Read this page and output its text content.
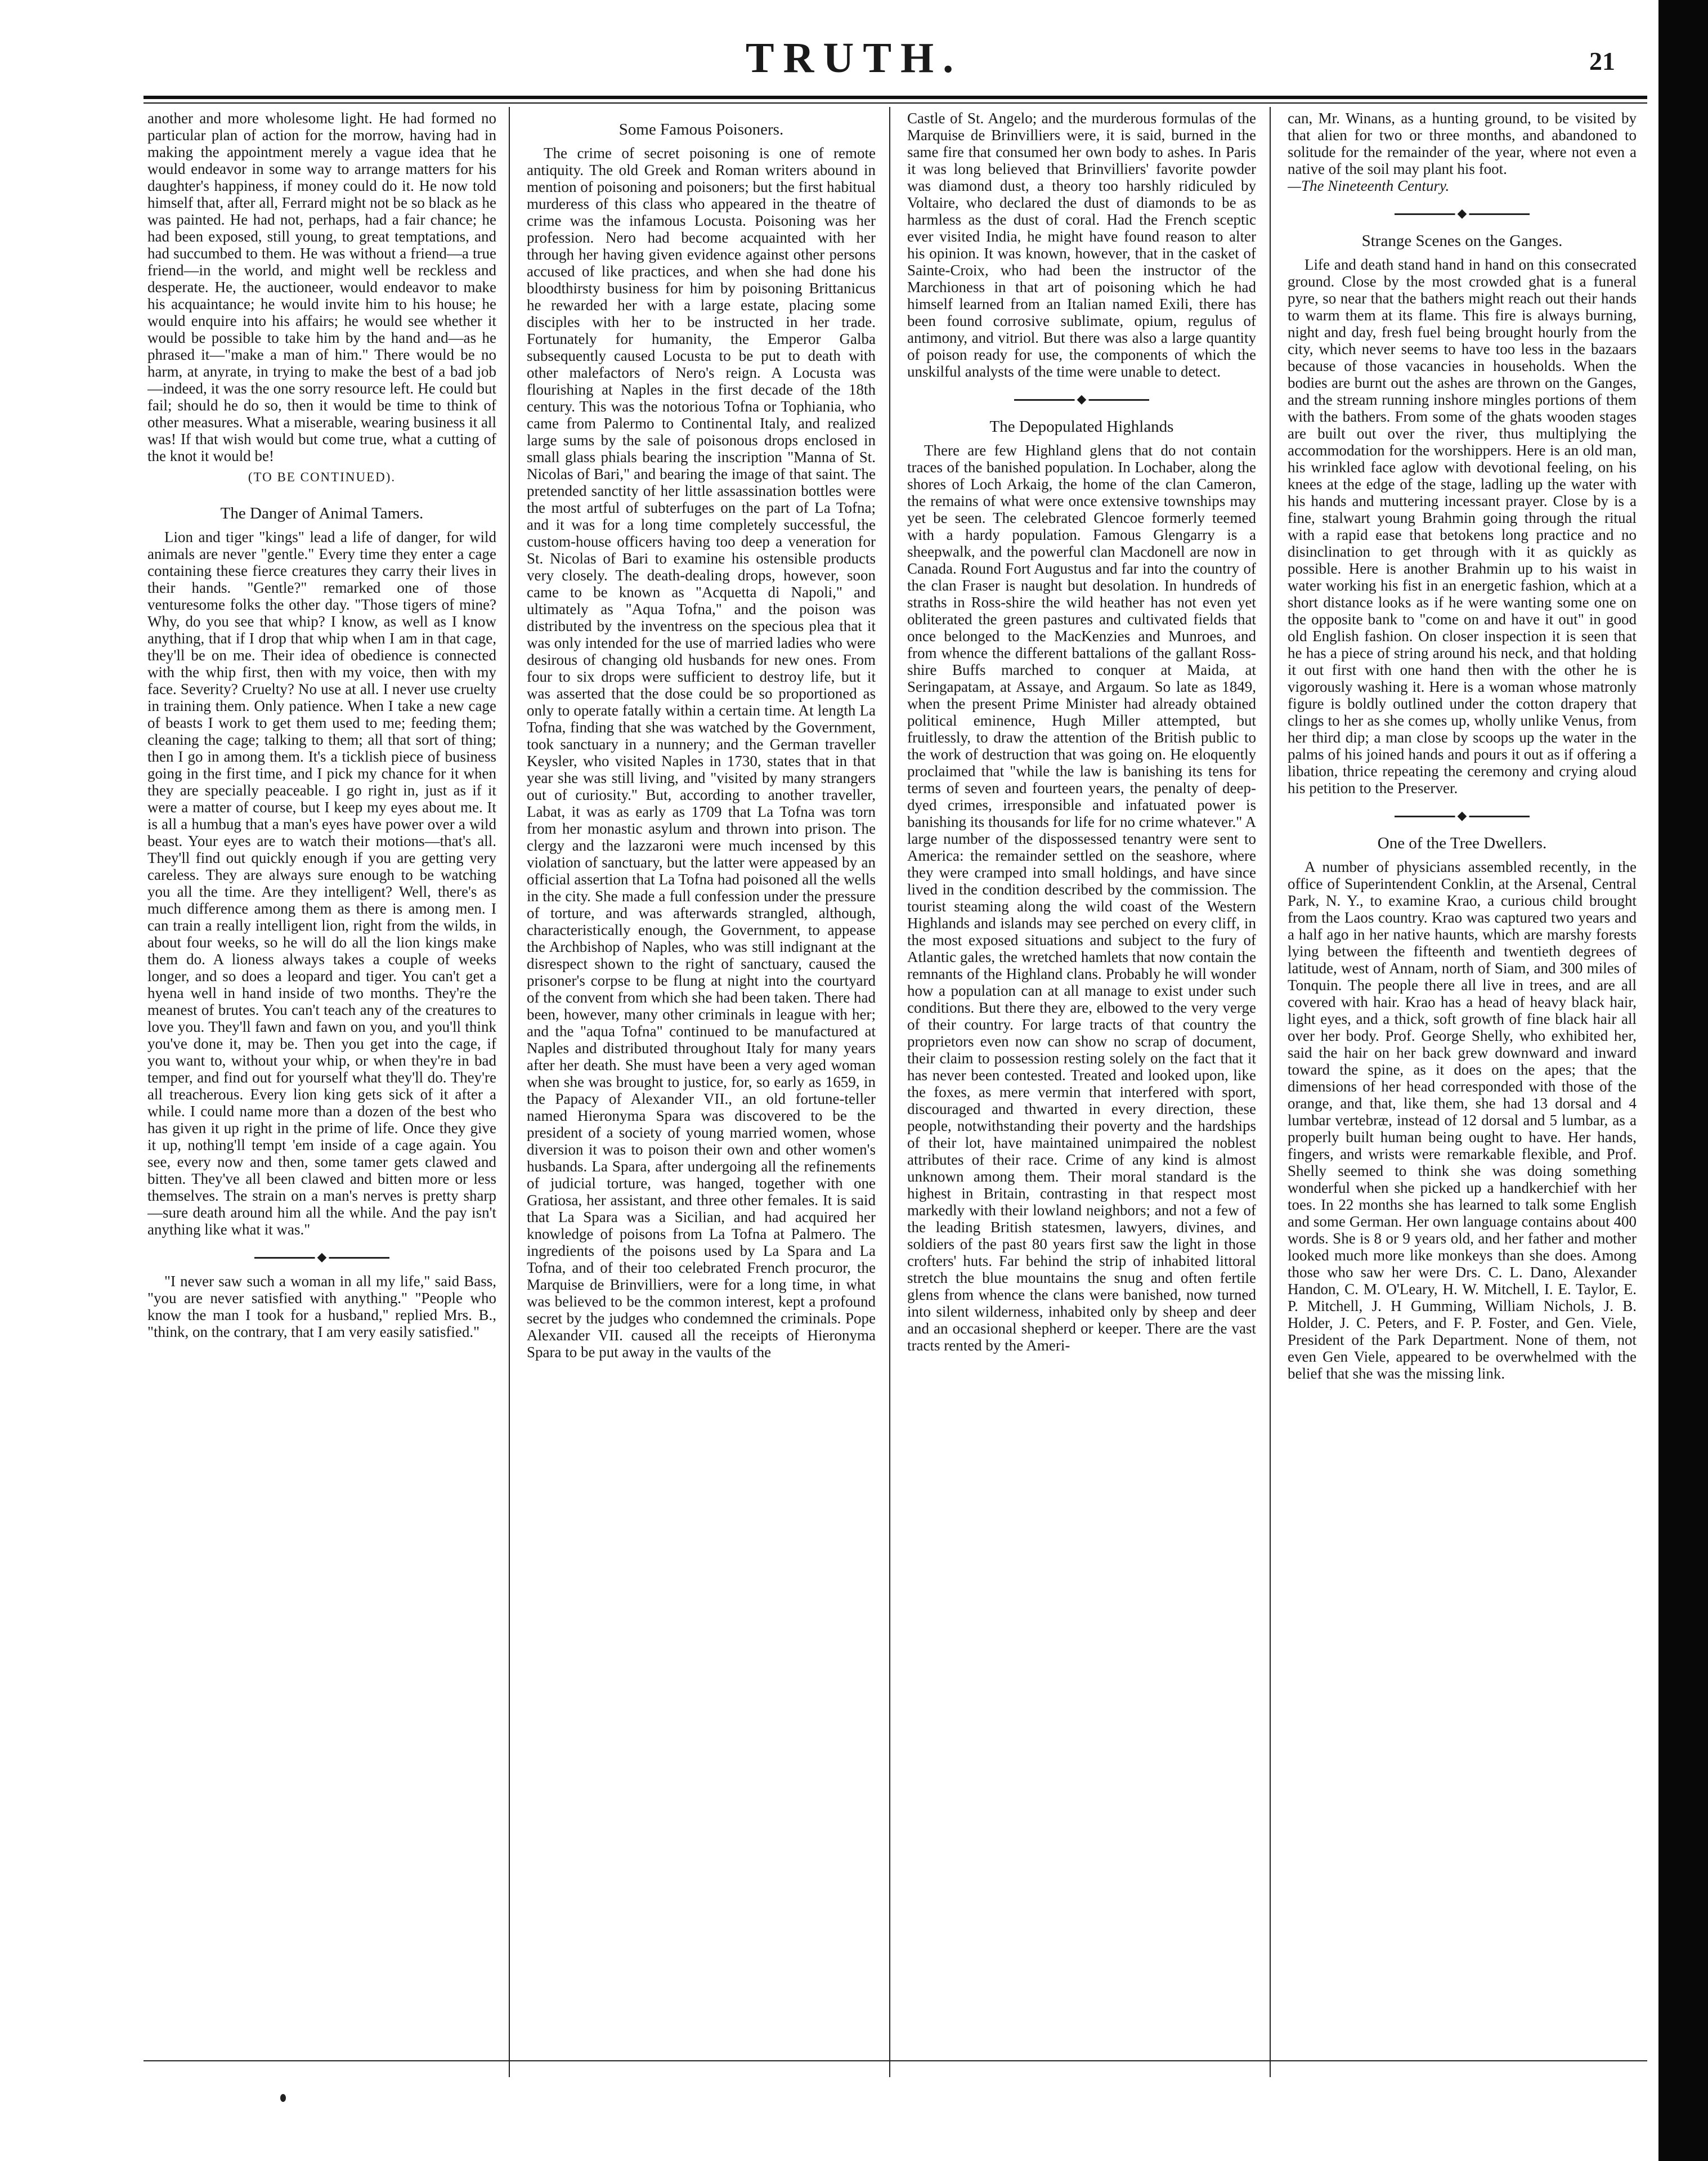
TRUTH.	21

another and more wholesome light. He had formed no particular plan of action for the morrow, having had in making the appointment merely a vague idea that he would endeavor in some way to arrange matters for his daughter's happiness, if money could do it. He now told himself that, after all, Ferrard might not be so black as he was painted. He had not, perhaps, had a fair chance; he had been exposed, still young, to great temptations, and had succumbed to them. He was without a friend—a true friend—in the world, and might well be reckless and desperate. He, the auctioneer, would endeavor to make his acquaintance; he would invite him to his house; he would enquire into his affairs; he would see whether it would be possible to take him by the hand and—as he phrased it—"make a man of him." There would be no harm, at anyrate, in trying to make the best of a bad job—indeed, it was the one sorry resource left. He could but fail; should he do so, then it would be time to think of other measures. What a miserable, wearing business it all was! If that wish would but come true, what a cutting of the knot it would be!

(TO BE CONTINUED).

The Danger of Animal Tamers.

Lion and tiger "kings" lead a life of danger, for wild animals are never "gentle." Every time they enter a cage containing these fierce creatures they carry their lives in their hands. "Gentle?" remarked one of those venturesome folks the other day. "Those tigers of mine? Why, do you see that whip? I know, as well as I know anything, that if I drop that whip when I am in that cage, they'll be on me. Their idea of obedience is connected with the whip first, then with my voice, then with my face. Severity? Cruelty? No use at all. I never use cruelty in training them. Only patience. When I take a new cage of beasts I work to get them used to me; feeding them; cleaning the cage; talking to them; all that sort of thing; then I go in among them. It's a ticklish piece of business going in the first time, and I pick my chance for it when they are specially peaceable. I go right in, just as if it were a matter of course, but I keep my eyes about me. It is all a humbug that a man's eyes have power over a wild beast. Your eyes are to watch their motions—that's all. They'll find out quickly enough if you are getting very careless. They are always sure enough to be watching you all the time. Are they intelligent? Well, there's as much difference among them as there is among men. I can train a really intelligent lion, right from the wilds, in about four weeks, so he will do all the lion kings make them do. A lioness always takes a couple of weeks longer, and so does a leopard and tiger. You can't get a hyena well in hand inside of two months. They're the meanest of brutes. You can't teach any of the creatures to love you. They'll fawn and fawn on you, and you'll think you've done it, may be. Then you get into the cage, if you want to, without your whip, or when they're in bad temper, and find out for yourself what they'll do. They're all treacherous. Every lion king gets sick of it after a while. I could name more than a dozen of the best who has given it up right in the prime of life. Once they give it up, nothing'll tempt 'em inside of a cage again. You see, every now and then, some tamer gets clawed and bitten. They've all been clawed and bitten more or less themselves. The strain on a man's nerves is pretty sharp—sure death around him all the while. And the pay isn't anything like what it was."

◆

"I never saw such a woman in all my life," said Bass, "you are never satisfied with anything." "People who know the man I took for a husband," replied Mrs. B., "think, on the contrary, that I am very easily satisfied."

Some Famous Poisoners.

The crime of secret poisoning is one of remote antiquity. The old Greek and Roman writers abound in mention of poisoning and poisoners; but the first habitual murderess of this class who appeared in the theatre of crime was the infamous Locusta. Poisoning was her profession. Nero had become acquainted with her through her having given evidence against other persons accused of like practices, and when she had done his bloodthirsty business for him by poisoning Brittanicus he rewarded her with a large estate, placing some disciples with her to be instructed in her trade. Fortunately for humanity, the Emperor Galba subsequently caused Locusta to be put to death with other malefactors of Nero's reign. A Locusta was flourishing at Naples in the first decade of the 18th century. This was the notorious Tofna or Tophiania, who came from Palermo to Continental Italy, and realized large sums by the sale of poisonous drops enclosed in small glass phials bearing the inscription "Manna of St. Nicolas of Bari," and bearing the image of that saint. The pretended sanctity of her little assassination bottles were the most artful of subterfuges on the part of La Tofna; and it was for a long time completely successful, the custom-house officers having too deep a veneration for St. Nicolas of Bari to examine his ostensible products very closely. The death-dealing drops, however, soon came to be known as "Acquetta di Napoli," and ultimately as "Aqua Tofna," and the poison was distributed by the inventress on the specious plea that it was only intended for the use of married ladies who were desirous of changing old husbands for new ones. From four to six drops were sufficient to destroy life, but it was asserted that the dose could be so proportioned as only to operate fatally within a certain time. At length La Tofna, finding that she was watched by the Government, took sanctuary in a nunnery; and the German traveller Keysler, who visited Naples in 1730, states that in that year she was still living, and "visited by many strangers out of curiosity." But, according to another traveller, Labat, it was as early as 1709 that La Tofna was torn from her monastic asylum and thrown into prison. The clergy and the lazzaroni were much incensed by this violation of sanctuary, but the latter were appeased by an official assertion that La Tofna had poisoned all the wells in the city. She made a full confession under the pressure of torture, and was afterwards strangled, although, characteristically enough, the Government, to appease the Archbishop of Naples, who was still indignant at the disrespect shown to the right of sanctuary, caused the prisoner's corpse to be flung at night into the courtyard of the convent from which she had been taken. There had been, however, many other criminals in league with her; and the "aqua Tofna" continued to be manufactured at Naples and distributed throughout Italy for many years after her death. She must have been a very aged woman when she was brought to justice, for, so early as 1659, in the Papacy of Alexander VII., an old fortune-teller named Hieronyma Spara was discovered to be the president of a society of young married women, whose diversion it was to poison their own and other women's husbands. La Spara, after undergoing all the refinements of judicial torture, was hanged, together with one Gratiosa, her assistant, and three other females. It is said that La Spara was a Sicilian, and had acquired her knowledge of poisons from La Tofna at Palmero. The ingredients of the poisons used by La Spara and La Tofna, and of their too celebrated French procuror, the Marquise de Brinvilliers, were for a long time, in what was believed to be the common interest, kept a profound secret by the judges who condemned the criminals. Pope Alexander VII. caused all the receipts of Hieronyma Spara to be put away in the vaults of the

Castle of St. Angelo; and the murderous formulas of the Marquise de Brinvilliers were, it is said, burned in the same fire that consumed her own body to ashes. In Paris it was long believed that Brinvilliers' favorite powder was diamond dust, a theory too harshly ridiculed by Voltaire, who declared the dust of diamonds to be as harmless as the dust of coral. Had the French sceptic ever visited India, he might have found reason to alter his opinion. It was known, however, that in the casket of Sainte-Croix, who had been the instructor of the Marchioness in that art of poisoning which he had himself learned from an Italian named Exili, there has been found corrosive sublimate, opium, regulus of antimony, and vitriol. But there was also a large quantity of poison ready for use, the components of which the unskilful analysts of the time were unable to detect.

◆
The Depopulated Highlands

There are few Highland glens that do not contain traces of the banished population. In Lochaber, along the shores of Loch Arkaig, the home of the clan Cameron, the remains of what were once extensive townships may yet be seen. The celebrated Glencoe formerly teemed with a hardy population. Famous Glengarry is a sheepwalk, and the powerful clan Macdonell are now in Canada. Round Fort Augustus and far into the country of the clan Fraser is naught but desolation. In hundreds of straths in Ross-shire the wild heather has not even yet obliterated the green pastures and cultivated fields that once belonged to the MacKenzies and Munroes, and from whence the different battalions of the gallant Ross-shire Buffs marched to conquer at Maida, at Seringapatam, at Assaye, and Argaum. So late as 1849, when the present Prime Minister had already obtained political eminence, Hugh Miller attempted, but fruitlessly, to draw the attention of the British public to the work of destruction that was going on. He eloquently proclaimed that "while the law is banishing its tens for terms of seven and fourteen years, the penalty of deep-dyed crimes, irresponsible and infatuated power is banishing its thousands for life for no crime whatever." A large number of the dispossessed tenantry were sent to America: the remainder settled on the seashore, where they were cramped into small holdings, and have since lived in the condition described by the commission. The tourist steaming along the wild coast of the Western Highlands and islands may see perched on every cliff, in the most exposed situations and subject to the fury of Atlantic gales, the wretched hamlets that now contain the remnants of the Highland clans. Probably he will wonder how a population can at all manage to exist under such conditions. But there they are, elbowed to the very verge of their country. For large tracts of that country the proprietors even now can show no scrap of document, their claim to possession resting solely on the fact that it has never been contested. Treated and looked upon, like the foxes, as mere vermin that interfered with sport, discouraged and thwarted in every direction, these people, notwithstanding their poverty and the hardships of their lot, have maintained unimpaired the noblest attributes of their race. Crime of any kind is almost unknown among them. Their moral standard is the highest in Britain, contrasting in that respect most markedly with their lowland neighbors; and not a few of the leading British statesmen, lawyers, divines, and soldiers of the past 80 years first saw the light in those crofters' huts. Far behind the strip of inhabited littoral stretch the blue mountains the snug and often fertile glens from whence the clans were banished, now turned into silent wilderness, inhabited only by sheep and deer and an occasional shepherd or keeper. There are the vast tracts rented by the Ameri-

can, Mr. Winans, as a hunting ground, to be visited by that alien for two or three months, and abandoned to solitude for the remainder of the year, where not even a native of the soil may plant his foot.

—The Nineteenth Century.

◆
Strange Scenes on the Ganges.

Life and death stand hand in hand on this consecrated ground. Close by the most crowded ghat is a funeral pyre, so near that the bathers might reach out their hands to warm them at its flame. This fire is always burning, night and day, fresh fuel being brought hourly from the city, which never seems to have too less in the bazaars because of those vacancies in households. When the bodies are burnt out the ashes are thrown on the Ganges, and the stream running inshore mingles portions of them with the bathers. From some of the ghats wooden stages are built out over the river, thus multiplying the accommodation for the worshippers. Here is an old man, his wrinkled face aglow with devotional feeling, on his knees at the edge of the stage, ladling up the water with his hands and muttering incessant prayer. Close by is a fine, stalwart young Brahmin going through the ritual with a rapid ease that betokens long practice and no disinclination to get through with it as quickly as possible. Here is another Brahmin up to his waist in water working his fist in an energetic fashion, which at a short distance looks as if he were wanting some one on the opposite bank to "come on and have it out" in good old English fashion. On closer inspection it is seen that he has a piece of string around his neck, and that holding it out first with one hand then with the other he is vigorously washing it. Here is a woman whose matronly figure is boldly outlined under the cotton drapery that clings to her as she comes up, wholly unlike Venus, from her third dip; a man close by scoops up the water in the palms of his joined hands and pours it out as if offering a libation, thrice repeating the ceremony and crying aloud his petition to the Preserver.

◆
One of the Tree Dwellers.

A number of physicians assembled recently, in the office of Superintendent Conklin, at the Arsenal, Central Park, N. Y., to examine Krao, a curious child brought from the Laos country. Krao was captured two years and a half ago in her native haunts, which are marshy forests lying between the fifteenth and twentieth degrees of latitude, west of Annam, north of Siam, and 300 miles of Tonquin. The people there all live in trees, and are all covered with hair. Krao has a head of heavy black hair, light eyes, and a thick, soft growth of fine black hair all over her body. Prof. George Shelly, who exhibited her, said the hair on her back grew downward and inward toward the spine, as it does on the apes; that the dimensions of her head corresponded with those of the orange, and that, like them, she had 13 dorsal and 4 lumbar vertebræ, instead of 12 dorsal and 5 lumbar, as a properly built human being ought to have. Her hands, fingers, and wrists were remarkable flexible, and Prof. Shelly seemed to think she was doing something wonderful when she picked up a handkerchief with her toes. In 22 months she has learned to talk some English and some German. Her own language contains about 400 words. She is 8 or 9 years old, and her father and mother looked much more like monkeys than she does. Among those who saw her were Drs. C. L. Dano, Alexander Handon, C. M. O'Leary, H. W. Mitchell, I. E. Taylor, E. P. Mitchell, J. H Gumming, William Nichols, J. B. Holder, J. C. Peters, and F. P. Foster, and Gen. Viele, President of the Park Department. None of them, not even Gen Viele, appeared to be overwhelmed with the belief that she was the missing link.
